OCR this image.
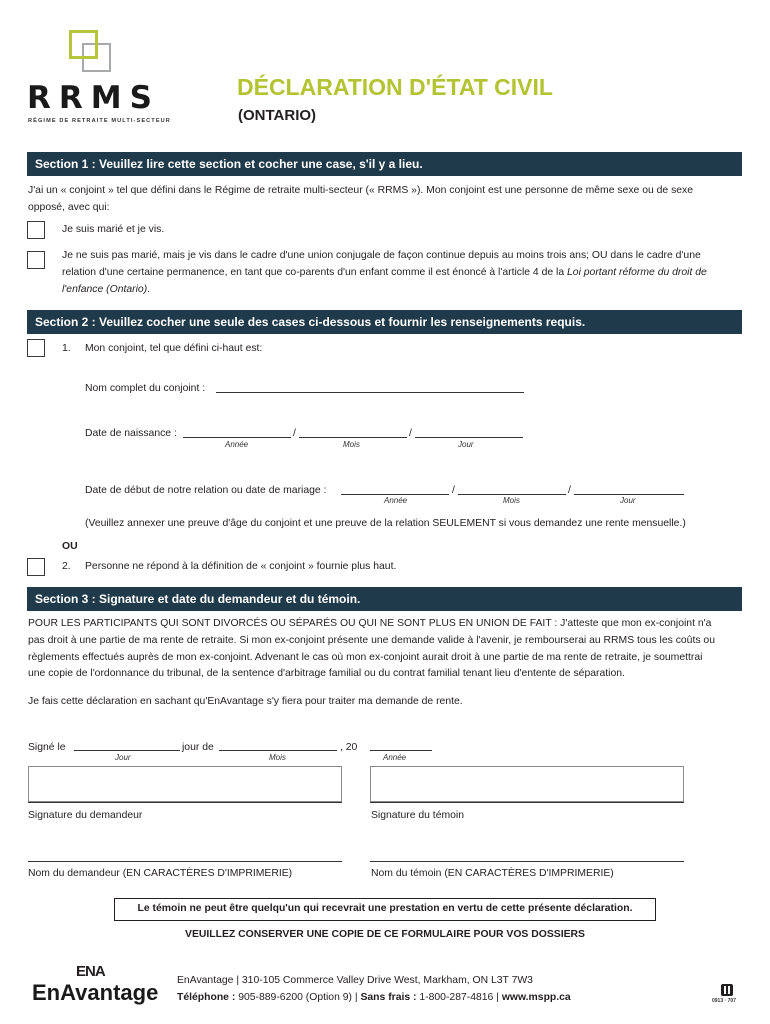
RRMS
RÉGIME DE RETRAITE MULTI-SECTEUR
DÉCLARATION D'ÉTAT CIVIL
(ONTARIO)
Section 1 : Veuillez lire cette section et cocher une case, s'il y a lieu.
J'ai un « conjoint » tel que défini dans le Régime de retraite multi-secteur (« RRMS »). Mon conjoint est une personne de même sexe ou de sexe
opposé, avec qui:
Je suis marié et je vis.
Je ne suis pas marié, mais je vis dans le cadre d'une union conjugale de façon continue depuis au moins trois ans; OU dans le cadre d'une
relation d'une certaine permanence, en tant que co-parents d'un enfant comme il est énoncé à l'article 4 de la Loi portant réforme du droit de
l'enfance (Ontario).
Section 2 : Veuillez cocher une seule des cases ci-dessous et fournir les renseignements requis.
1. Mon conjoint, tel que défini ci-haut est:
Nom complet du conjoint :
Date de naissance :	/	/
Année	Mois	Jour
Date de début de notre relation ou date de mariage :	/	/
Année	Mois	Jour
(Veuillez annexer une preuve d'âge du conjoint et une preuve de la relation SEULEMENT si vous demandez une rente mensuelle.)
OU
2. Personne ne répond à la définition de « conjoint » fournie plus haut.
Section 3 : Signature et date du demandeur et du témoin.
POUR LES PARTICIPANTS QUI SONT DIVORCÉS OU SÉPARÉS OU QUI NE SONT PLUS EN UNION DE FAIT : J'atteste que mon ex-conjoint n'a
pas droit à une partie de ma rente de retraite. Si mon ex-conjoint présente une demande valide à l'avenir, je rembourserai au RRMS tous les coûts ou
règlements effectués auprès de mon ex-conjoint. Advenant le cas où mon ex-conjoint aurait droit à une partie de ma rente de retraite, je soumettrai
une copie de l'ordonnance du tribunal, de la sentence d'arbitrage familial ou du contrat familial tenant lieu d'entente de séparation.
Je fais cette déclaration en sachant qu'EnAvantage s'y fiera pour traiter ma demande de rente.
Signé le	jour de	, 20
Jour	Mois	Année
Signature du demandeur	Signature du témoin
Nom du demandeur (EN CARACTÈRES D'IMPRIMERIE)	Nom du témoin (EN CARACTÈRES D'IMPRIMERIE)
Le témoin ne peut être quelqu'un qui recevrait une prestation en vertu de cette présente déclaration.
VEUILLEZ CONSERVER UNE COPIE DE CE FORMULAIRE POUR VOS DOSSIERS
ENA
EnAvantage EnAvantage | 310-105 Commerce Valley Drive West, Markham, ON L3T 7W3
Téléphone : 905-889-6200 (Option 9) | Sans frais : 1-800-287-4816 | www.mspp.ca	0913 · 707
